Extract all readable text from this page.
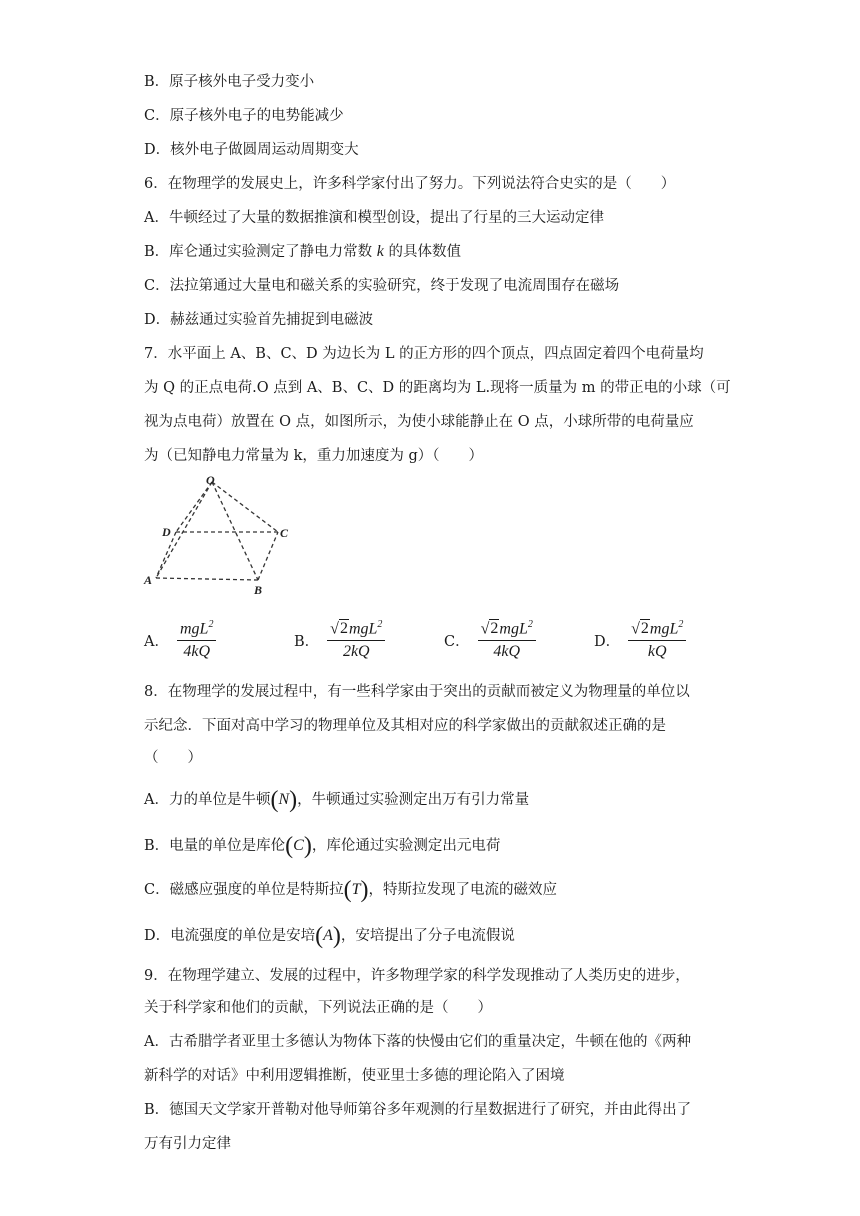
B．原子核外电子受力变小
C．原子核外电子的电势能减少
D．核外电子做圆周运动周期变大
6．在物理学的发展史上，许多科学家付出了努力。下列说法符合史实的是（　　）
A．牛顿经过了大量的数据推演和模型创设，提出了行星的三大运动定律
B．库仑通过实验测定了静电力常数 k 的具体数值
C．法拉第通过大量电和磁关系的实验研究，终于发现了电流周围存在磁场
D．赫兹通过实验首先捕捉到电磁波
7．水平面上 A、B、C、D 为边长为 L 的正方形的四个顶点，四点固定着四个电荷量均
为 Q 的正点电荷.O 点到 A、B、C、D 的距离均为 L.现将一质量为 m 的带正电的小球（可
视为点电荷）放置在 O 点，如图所示，为使小球能静止在 O 点，小球所带的电荷量应
为（已知静电力常量为 k，重力加速度为 g）（　　）
O
D	C
A
B
A． $\frac{mgL^2}{4kQ}$	B． $\frac{√2mgL^2}{2kQ}$	C． $\frac{√2mgL^2}{4kQ}$	D． $\frac{√2mgL^2}{kQ}$
8．在物理学的发展过程中，有一些科学家由于突出的贡献而被定义为物理量的单位以
示纪念．下面对高中学习的物理单位及其相对应的科学家做出的贡献叙述正确的是
（　　）
A．力的单位是牛顿(N)，牛顿通过实验测定出万有引力常量
B．电量的单位是库伦(C)，库伦通过实验测定出元电荷
C．磁感应强度的单位是特斯拉(T)，特斯拉发现了电流的磁效应
D．电流强度的单位是安培(A)，安培提出了分子电流假说
9．在物理学建立、发展的过程中，许多物理学家的科学发现推动了人类历史的进步，
关于科学家和他们的贡献，下列说法正确的是（　　）
A．古希腊学者亚里士多德认为物体下落的快慢由它们的重量决定，牛顿在他的《两种
新科学的对话》中利用逻辑推断，使亚里士多德的理论陷入了困境
B．德国天文学家开普勒对他导师第谷多年观测的行星数据进行了研究，并由此得出了
万有引力定律
